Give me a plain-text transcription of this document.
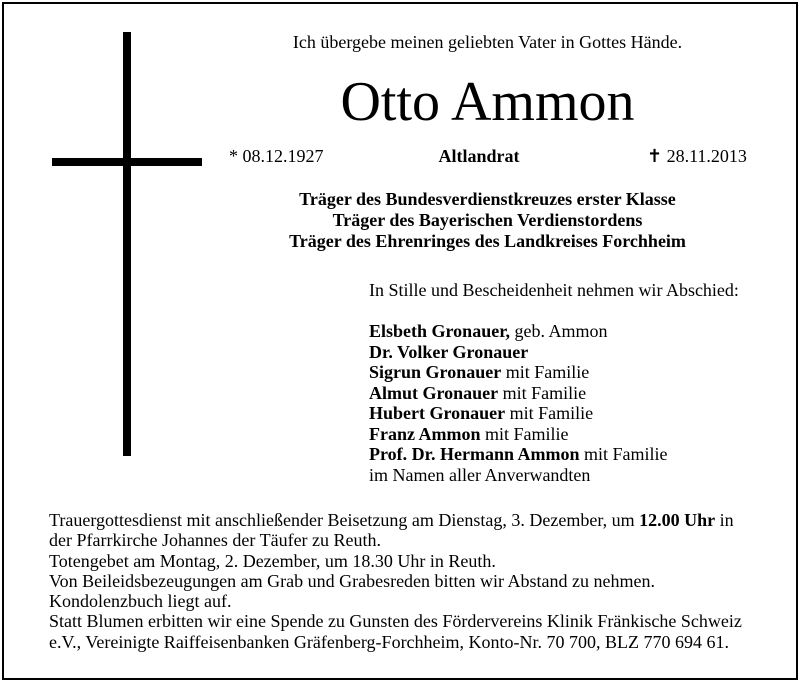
Ich übergebe meinen geliebten Vater in Gottes Hände.
Otto Ammon
* 08.12.1927	Altlandrat	✝ 28.11.2013
Träger des Bundesverdienstkreuzes erster Klasse
Träger des Bayerischen Verdienstordens
Träger des Ehrenringes des Landkreises Forchheim
In Stille und Bescheidenheit nehmen wir Abschied:
Elsbeth Gronauer, geb. Ammon
Dr. Volker Gronauer
Sigrun Gronauer mit Familie
Almut Gronauer mit Familie
Hubert Gronauer mit Familie
Franz Ammon mit Familie
Prof. Dr. Hermann Ammon mit Familie
im Namen aller Anverwandten
Trauergottesdienst mit anschließender Beisetzung am Dienstag, 3. Dezember, um 12.00 Uhr in
der Pfarrkirche Johannes der Täufer zu Reuth.
Totengebet am Montag, 2. Dezember, um 18.30 Uhr in Reuth.
Von Beileidsbezeugungen am Grab und Grabesreden bitten wir Abstand zu nehmen.
Kondolenzbuch liegt auf.
Statt Blumen erbitten wir eine Spende zu Gunsten des Fördervereins Klinik Fränkische Schweiz
e.V., Vereinigte Raiffeisenbanken Gräfenberg-Forchheim, Konto-Nr. 70 700, BLZ 770 694 61.
